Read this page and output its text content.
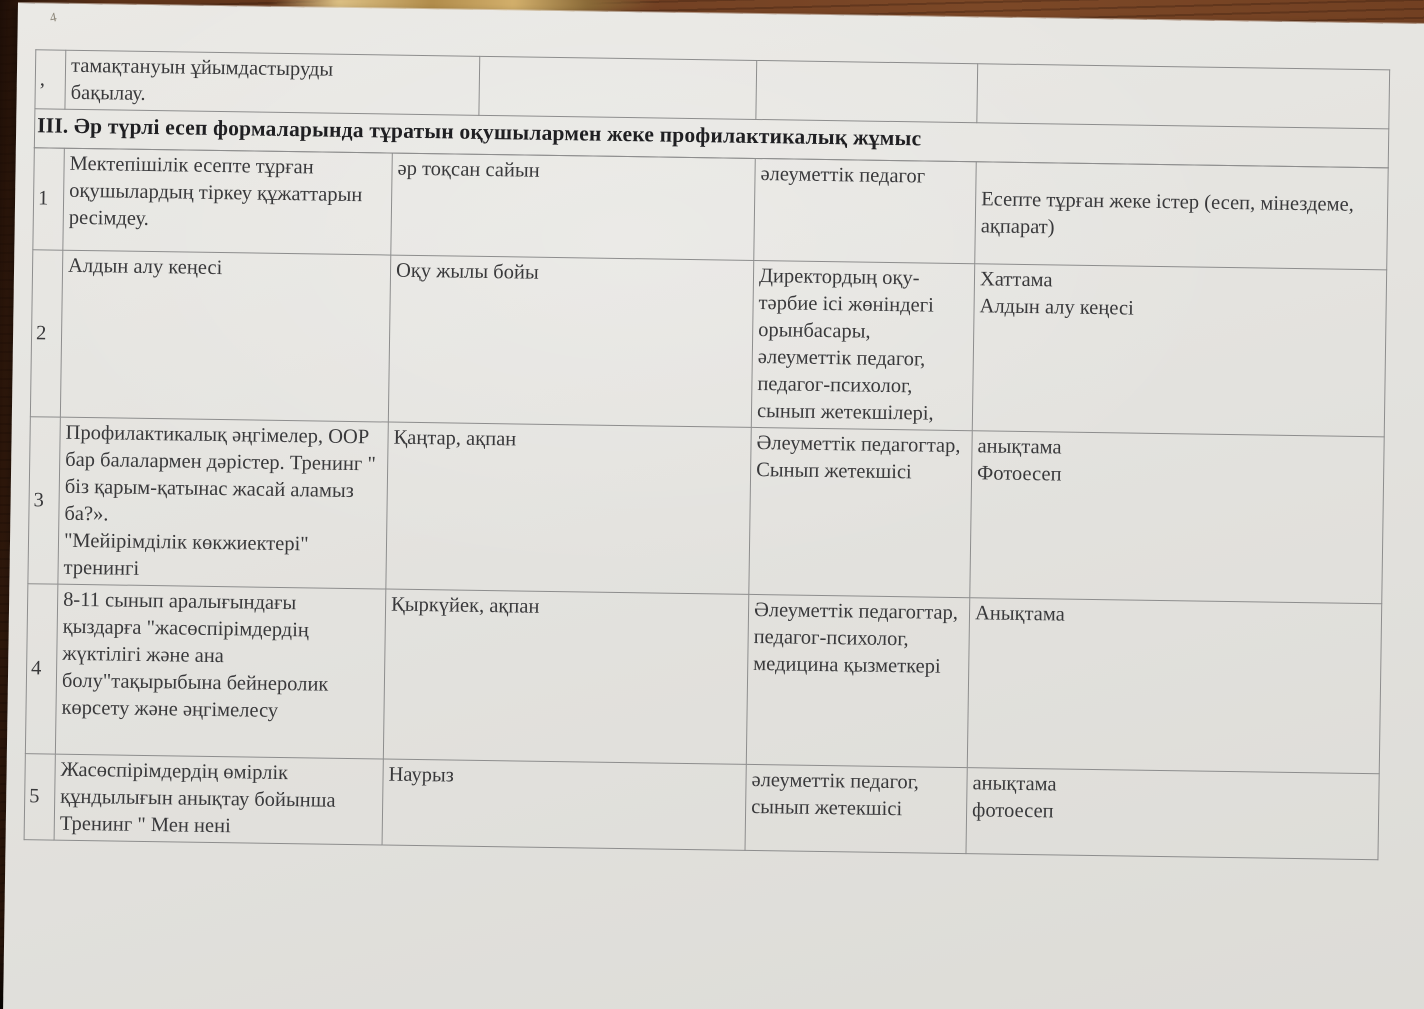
4
,	тамақтануын ұйымдастыруды
бақылау.			
III. Әр түрлі есеп формаларында тұратын оқушылармен жеке профилактикалық жұмыс
1	Мектепішілік есепте тұрған оқушылардың тіркеу құжаттарын ресімдеу.	әр тоқсан сайын	әлеуметтік педагог	Есепте тұрған жеке істер (есеп, мінездеме, ақпарат)
2	Алдын алу кеңесі	Оқу жылы бойы	Директордың оқу-тәрбие ісі жөніндегі орынбасары, әлеуметтік педагог, педагог-психолог, сынып жетекшілері,	Хаттама
Алдын алу кеңесі
3	Профилактикалық әңгімелер, ООР бар балалармен дәрістер. Тренинг " біз қарым-қатынас жасай аламыз ба?».
"Мейірімділік көкжиектері" тренингі	Қаңтар, ақпан	Әлеуметтік педагогтар,
Сынып жетекшісі	анықтама
Фотоесеп
4	8-11 сынып аралығындағы қыздарға "жасөспірімдердің жүктілігі және ана болу"тақырыбына бейнеролик көрсету және әңгімелесу	Қыркүйек, ақпан	Әлеуметтік педагогтар, педагог-психолог, медицина қызметкері	Анықтама
5	Жасөспірімдердің өмірлік құндылығын анықтау бойынша Тренинг " Мен нені	Наурыз	әлеуметтік педагог,
сынып жетекшісі	анықтама
фотоесеп
